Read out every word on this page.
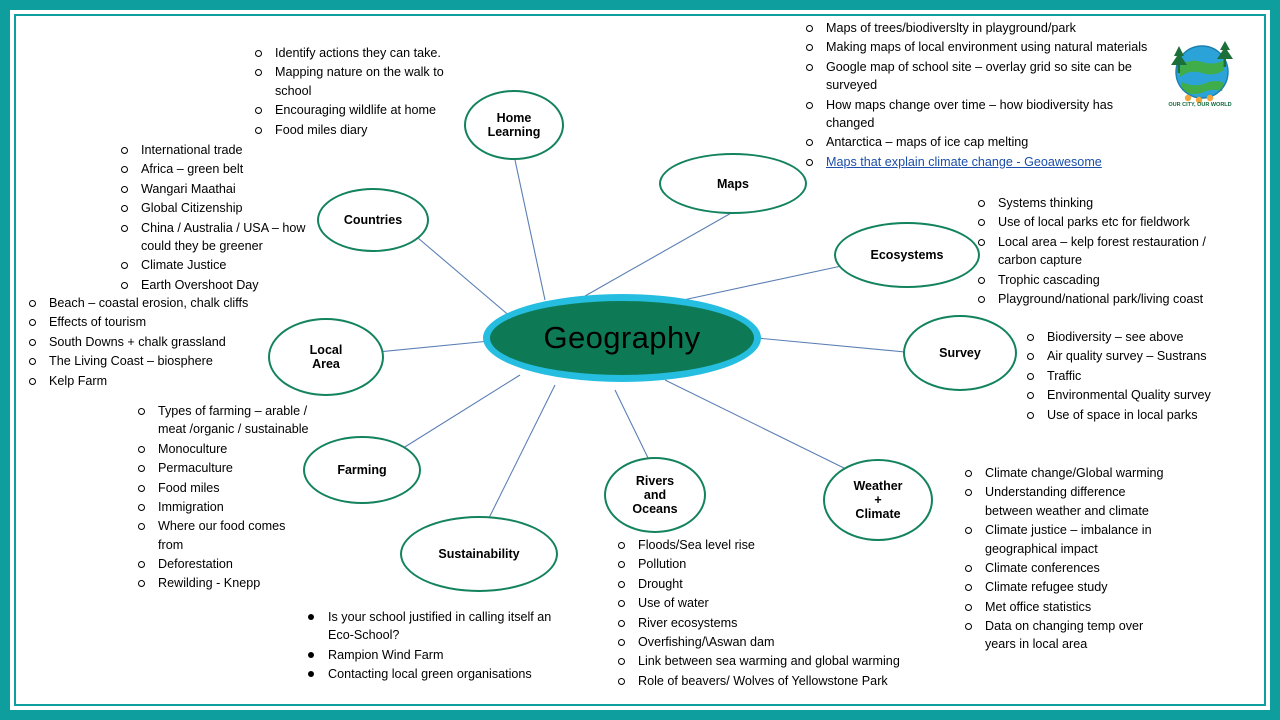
Geography
Home
Learning
Maps
Countries
Ecosystems
Local
Area
Survey
Farming
Sustainability
Rivers
and
Oceans
Weather
+
Climate
Identify actions they can take.
Mapping nature on the walk to school
Encouraging wildlife at home
Food miles diary
Maps of trees/biodiverslty in playground/park
Making maps of local environment using natural materials
Google map of school site – overlay grid so site can be surveyed
How maps change over time – how biodiversity has changed
Antarctica – maps of ice cap melting
Maps that explain climate change - Geoawesome
International trade
Africa – green belt
Wangari Maathai
Global Citizenship
China / Australia / USA – how could they be greener
Climate Justice
Earth Overshoot Day
Systems thinking
Use of local parks etc for fieldwork
Local area – kelp forest restauration / carbon capture
Trophic cascading
Playground/national park/living coast
Beach – coastal erosion, chalk cliffs
Effects of tourism
South Downs + chalk grassland
The Living Coast – biosphere
Kelp Farm
Biodiversity – see above
Air quality survey – Sustrans
Traffic
Environmental Quality survey
Use of space in local parks
Types of farming – arable / meat /organic / sustainable
Monoculture
Permaculture
Food miles
Immigration
Where our food comes from
Deforestation
Rewilding - Knepp
Is your school justified in calling itself an Eco-School?
Rampion Wind Farm
Contacting local green organisations
Floods/Sea level rise
Pollution
Drought
Use of water
River ecosystems
Overfishing/\Aswan dam
Link between sea warming and global warming
Role of beavers/ Wolves of Yellowstone Park
Climate change/Global warming
Understanding difference between weather and climate
Climate justice – imbalance in geographical impact
Climate conferences
Climate refugee study
Met office statistics
Data on changing temp over years in local area
OUR CITY, OUR WORLD
